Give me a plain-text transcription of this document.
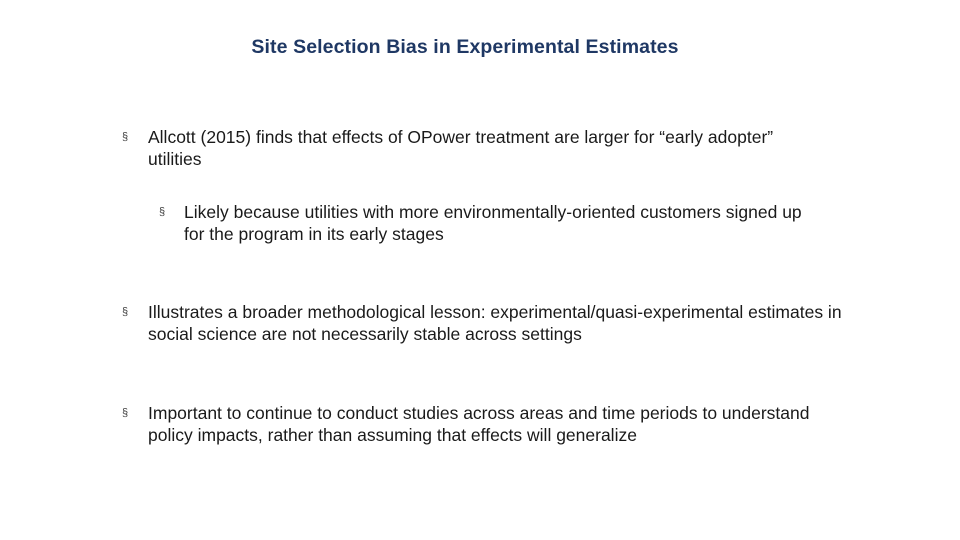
Site Selection Bias in Experimental Estimates
§	Allcott (2015) finds that effects of OPower treatment are larger for “early adopter” utilities
§	Likely because utilities with more environmentally-oriented customers signed up for the program in its early stages
§	Illustrates a broader methodological lesson: experimental/quasi-experimental estimates in social science are not necessarily stable across settings
§	Important to continue to conduct studies across areas and time periods to understand policy impacts, rather than assuming that effects will generalize
